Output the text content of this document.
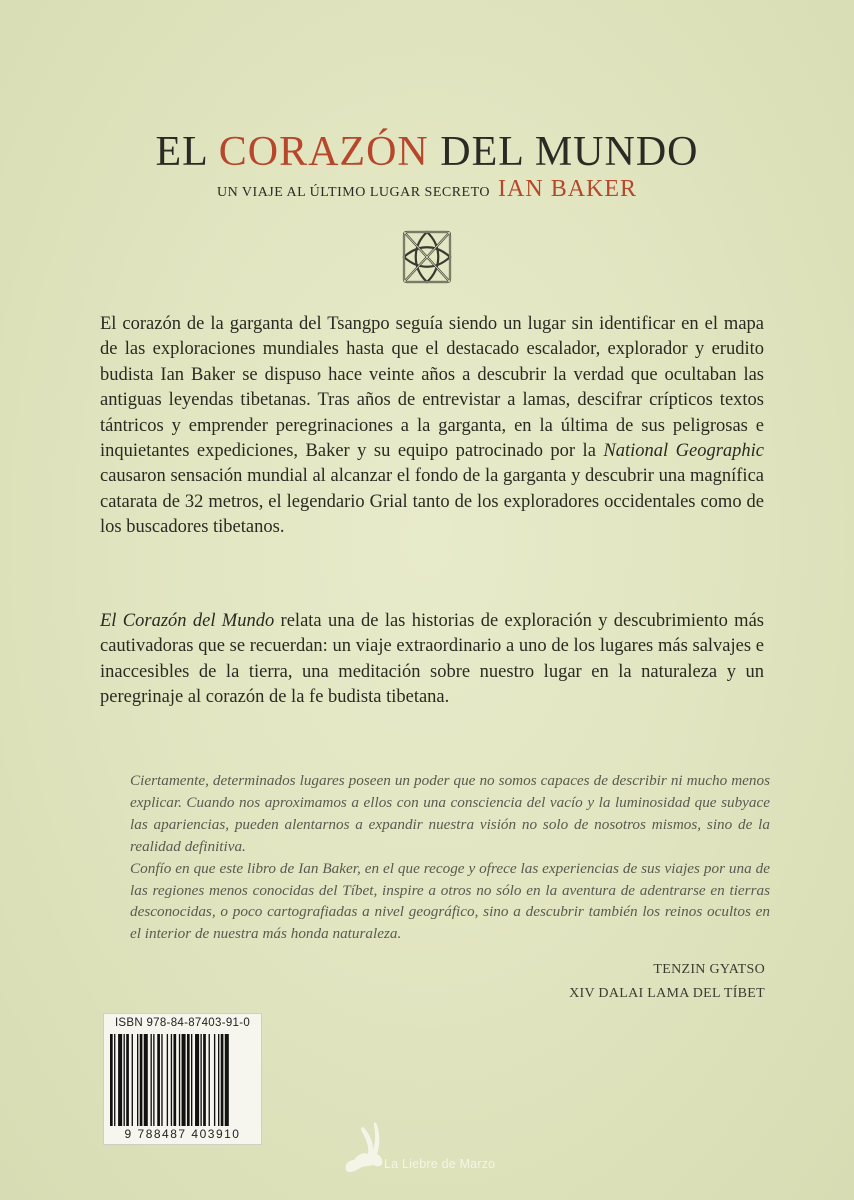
EL CORAZÓN DEL MUNDO
UN VIAJE AL ÚLTIMO LUGAR SECRETO IAN BAKER

El corazón de la garganta del Tsangpo seguía siendo un lugar sin identificar en el mapa de las exploraciones mundiales hasta que el destacado escalador, explorador y erudito budista Ian Baker se dispuso hace veinte años a descubrir la verdad que ocultaban las antiguas leyendas tibetanas. Tras años de entrevistar a lamas, descifrar crípticos textos tántricos y emprender peregrinaciones a la garganta, en la última de sus peligrosas e inquietantes expediciones, Baker y su equipo patrocinado por la National Geographic causaron sensación mundial al alcanzar el fondo de la garganta y descubrir una magnífica catarata de 32 metros, el legendario Grial tanto de los exploradores occidentales como de los buscadores tibetanos.

El Corazón del Mundo relata una de las historias de exploración y descubrimiento más cautivadoras que se recuerdan: un viaje extraordinario a uno de los lugares más salvajes e inaccesibles de la tierra, una meditación sobre nuestro lugar en la naturaleza y un peregrinaje al corazón de la fe budista tibetana.

Ciertamente, determinados lugares poseen un poder que no somos capaces de describir ni mucho menos explicar. Cuando nos aproximamos a ellos con una consciencia del vacío y la luminosidad que subyace las apariencias, pueden alentarnos a expandir nuestra visión no solo de nosotros mismos, sino de la realidad definitiva.
Confío en que este libro de Ian Baker, en el que recoge y ofrece las experiencias de sus viajes por una de las regiones menos conocidas del Tíbet, inspire a otros no sólo en la aventura de adentrarse en tierras desconocidas, o poco cartografiadas a nivel geográfico, sino a descubrir también los reinos ocultos en el interior de nuestra más honda naturaleza.
TENZIN GYATSO
XIV DALAI LAMA DEL TÍBET
ISBN 978-84-87403-91-0
9 788487 403910
La Liebre de Marzo
